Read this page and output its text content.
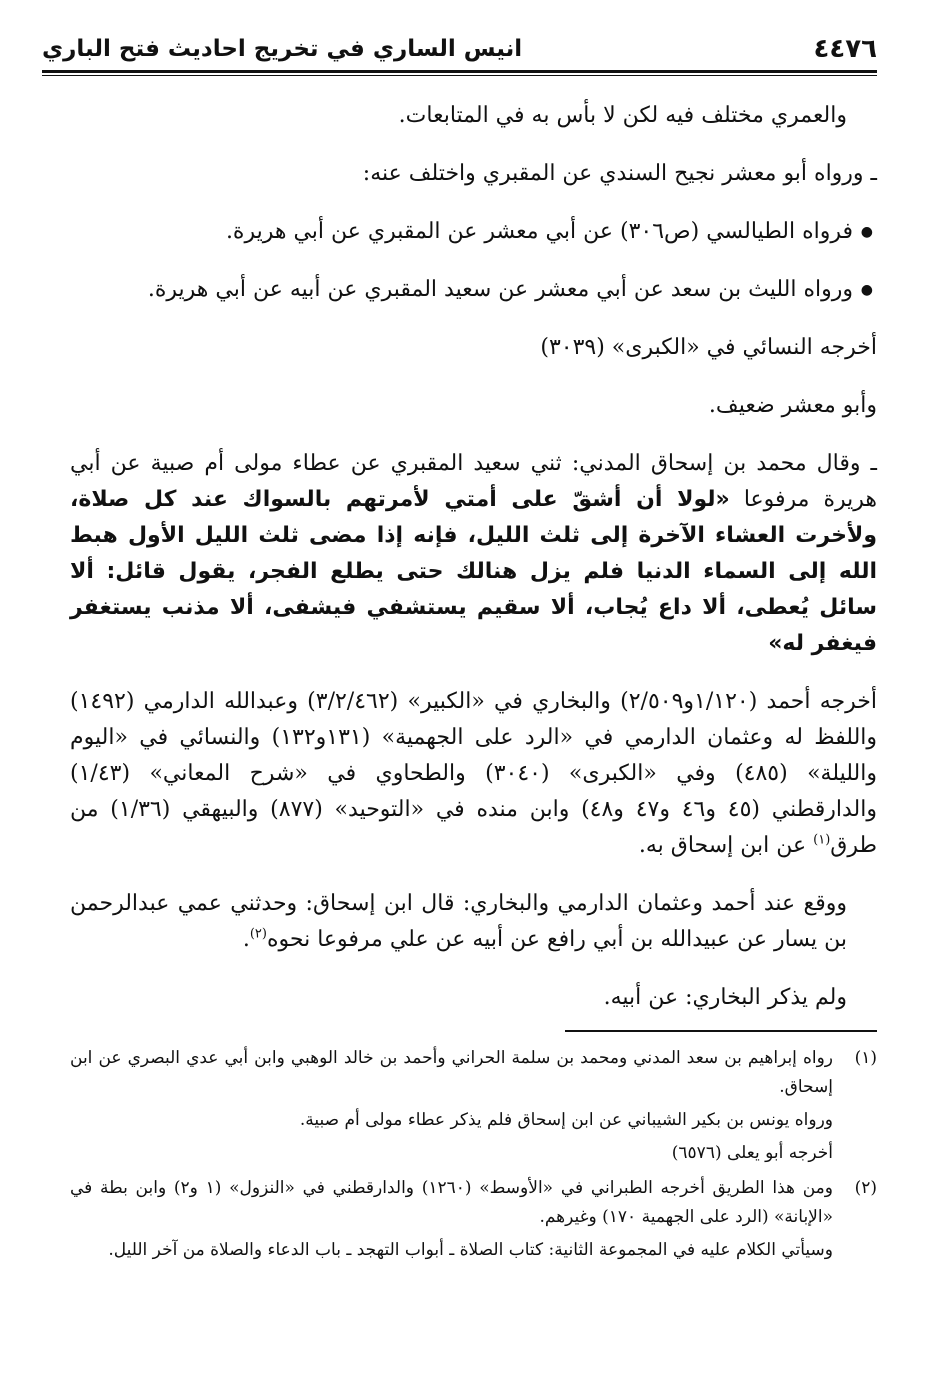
٤٤٧٦
انيس الساري في تخريج احاديث فتح الباري

والعمري مختلف فيه لكن لا بأس به في المتابعات.

ـ ورواه أبو معشر نجيح السندي عن المقبري واختلف عنه:

●فرواه الطيالسي (ص٣٠٦) عن أبي معشر عن المقبري عن أبي هريرة.

●ورواه الليث بن سعد عن أبي معشر عن سعيد المقبري عن أبيه عن أبي هريرة.

أخرجه النسائي في «الكبرى» (٣٠٣٩)

وأبو معشر ضعيف.

ـ وقال محمد بن إسحاق المدني: ثني سعيد المقبري عن عطاء مولى أم صبية عن أبي هريرة مرفوعا «لولا أن أشقّ على أمتي لأمرتهم بالسواك عند كل صلاة، ولأخرت العشاء الآخرة إلى ثلث الليل، فإنه إذا مضى ثلث الليل الأول هبط الله إلى السماء الدنيا فلم يزل هنالك حتى يطلع الفجر، يقول قائل: ألا سائل يُعطى، ألا داع يُجاب، ألا سقيم يستشفي فيشفى، ألا مذنب يستغفر فيغفر له»

أخرجه أحمد (١/١٢٠و٢/٥٠٩) والبخاري في «الكبير» (٣/٢/٤٦٢) وعبدالله الدارمي (١٤٩٢) واللفظ له وعثمان الدارمي في «الرد على الجهمية» (١٣١و١٣٢) والنسائي في «اليوم والليلة» (٤٨٥) وفي «الكبرى» (٣٠٤٠) والطحاوي في «شرح المعاني» (١/٤٣) والدارقطني (٤٥ و٤٦ و٤٧ و٤٨) وابن منده في «التوحيد» (٨٧٧) والبيهقي (١/٣٦) من طرق$^{(١)}$ عن ابن إسحاق به.

ووقع عند أحمد وعثمان الدارمي والبخاري: قال ابن إسحاق: وحدثني عمي عبدالرحمن بن يسار عن عبيدالله بن أبي رافع عن أبيه عن علي مرفوعا نحوه$^{(٢)}$.

ولم يذكر البخاري: عن أبيه.

(١)
رواه إبراهيم بن سعد المدني ومحمد بن سلمة الحراني وأحمد بن خالد الوهبي وابن أبي عدي البصري عن ابن إسحاق.
ورواه يونس بن بكير الشيباني عن ابن إسحاق فلم يذكر عطاء مولى أم صبية.
أخرجه أبو يعلى (٦٥٧٦)
(٢)
ومن هذا الطريق أخرجه الطبراني في «الأوسط» (١٢٦٠) والدارقطني في «النزول» (١ و٢) وابن بطة في «الإبانة» (الرد على الجهمية ١٧٠) وغيرهم.
وسيأتي الكلام عليه في المجموعة الثانية: كتاب الصلاة ـ أبواب التهجد ـ باب الدعاء والصلاة من آخر الليل.
